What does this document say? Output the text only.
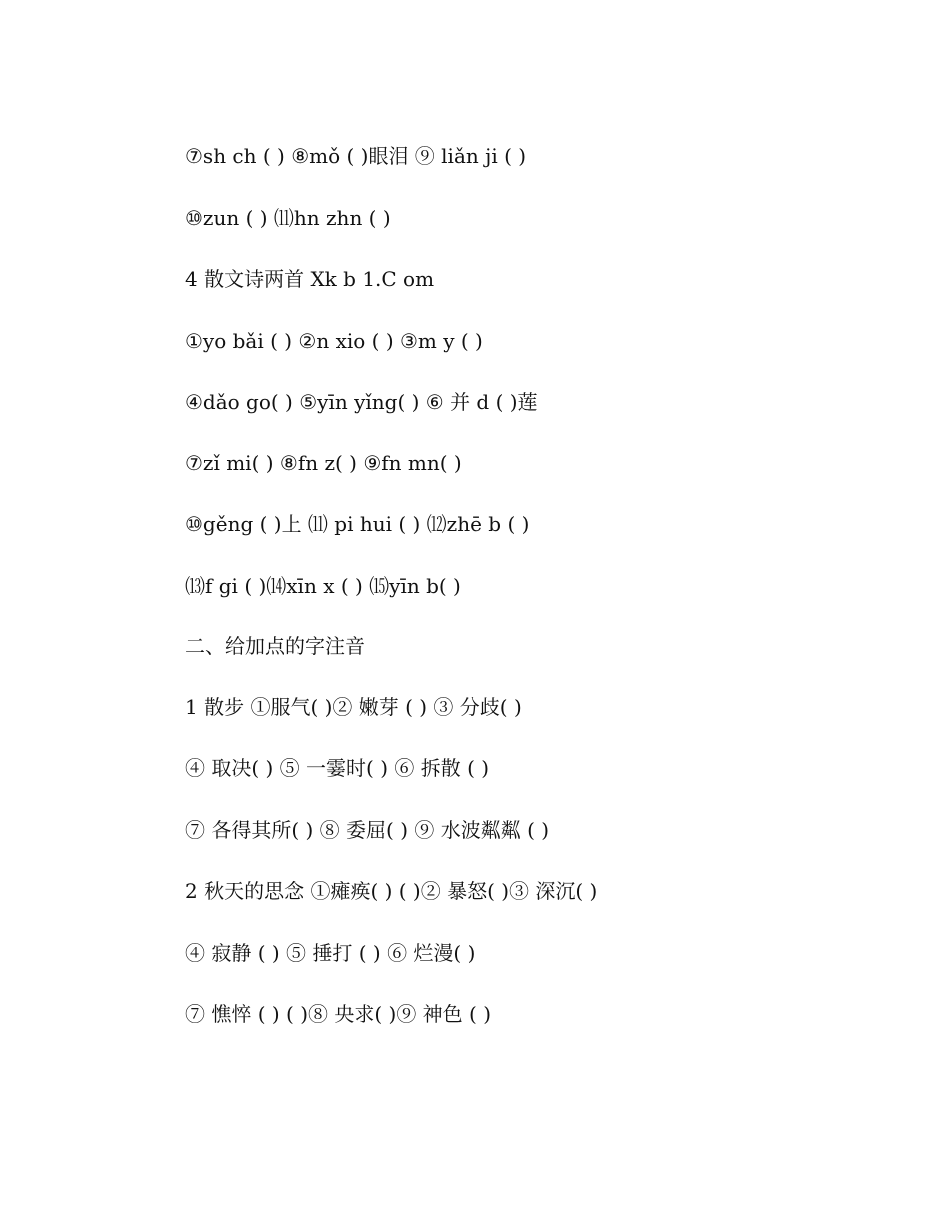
⑦sh ch ( ) ⑧mǒ ( )眼泪 ⑨ liǎn ji ( )
⑩zun ( ) ⑾hn zhn ( )
4 散文诗两首 Xk b 1.C om
①yo bǎi ( ) ②n xio ( ) ③m y ( )
④dǎo go( ) ⑤yīn yǐng( ) ⑥ 并 d ( )莲
⑦zǐ mi( ) ⑧fn z( ) ⑨fn mn( )
⑩gěng ( )上 ⑾ pi hui ( ) ⑿zhē b ( )
⒀f gi ( )⒁xīn x ( ) ⒂yīn b( )
二、给加点的字注音
1 散步 ①服气( )② 嫩芽 ( ) ③ 分歧( )
④ 取决( ) ⑤ 一霎时( ) ⑥ 拆散 ( )
⑦ 各得其所( ) ⑧ 委屈( ) ⑨ 水波粼粼 ( )
2 秋天的思念 ①瘫痪( ) ( )② 暴怒( )③ 深沉( )
④ 寂静 ( ) ⑤ 捶打 ( ) ⑥ 烂漫( )
⑦ 憔悴 ( ) ( )⑧ 央求( )⑨ 神色 ( )
